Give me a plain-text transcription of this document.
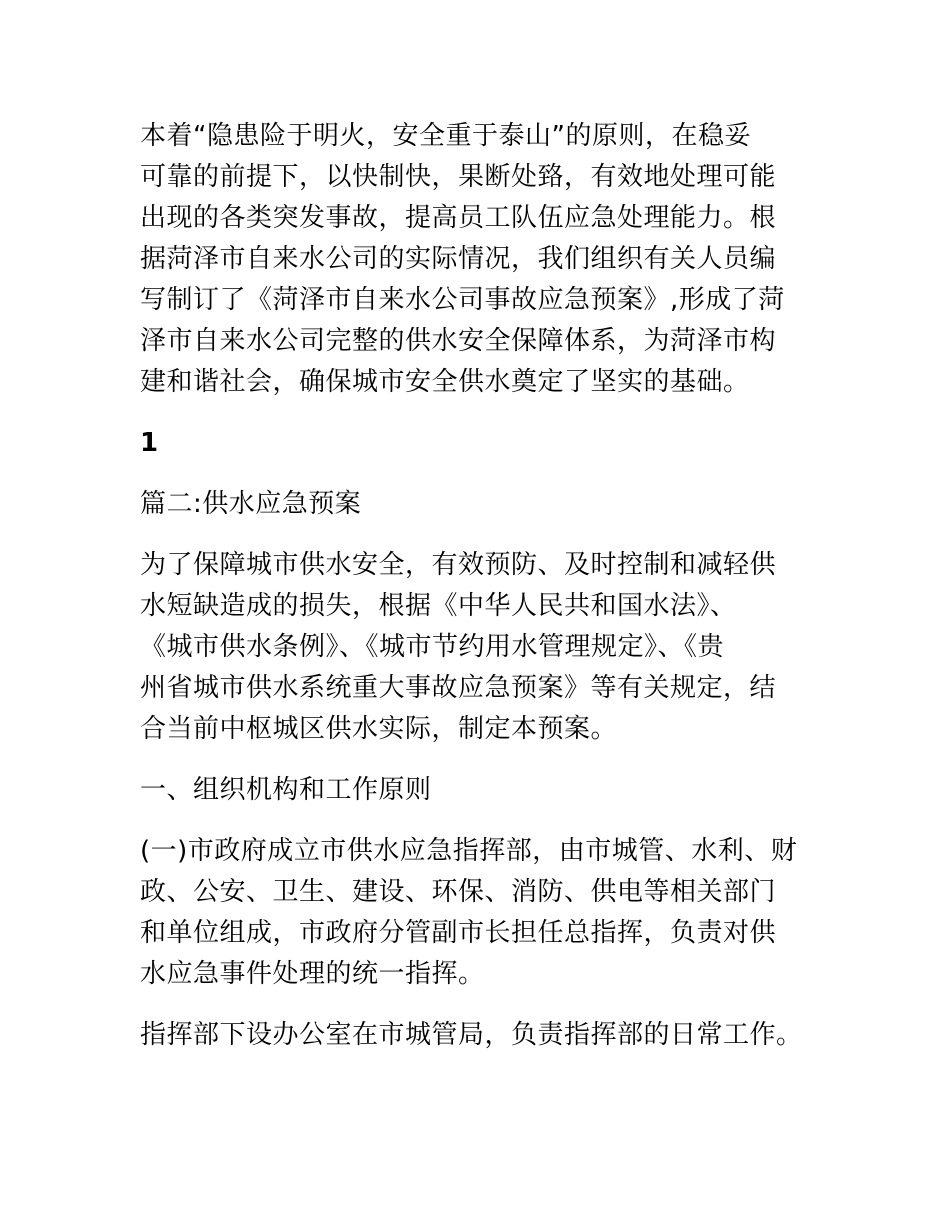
本着“隐患险于明火，安全重于泰山”的原则，在稳妥
可靠的前提下，以快制快，果断处臵，有效地处理可能
出现的各类突发事故，提高员工队伍应急处理能力。根
据菏泽市自来水公司的实际情况，我们组织有关人员编
写制订了《菏泽市自来水公司事故应急预案》,形成了菏
泽市自来水公司完整的供水安全保障体系，为菏泽市构
建和谐社会，确保城市安全供水奠定了坚实的基础。
1
篇二:供水应急预案
为了保障城市供水安全，有效预防、及时控制和减轻供
水短缺造成的损失，根据《中华人民共和国水法》、
《城市供水条例》、《城市节约用水管理规定》、《贵
州省城市供水系统重大事故应急预案》等有关规定，结
合当前中枢城区供水实际，制定本预案。
一、组织机构和工作原则
(一)市政府成立市供水应急指挥部，由市城管、水利、财
政、公安、卫生、建设、环保、消防、供电等相关部门
和单位组成，市政府分管副市长担任总指挥，负责对供
水应急事件处理的统一指挥。
指挥部下设办公室在市城管局，负责指挥部的日常工作。
